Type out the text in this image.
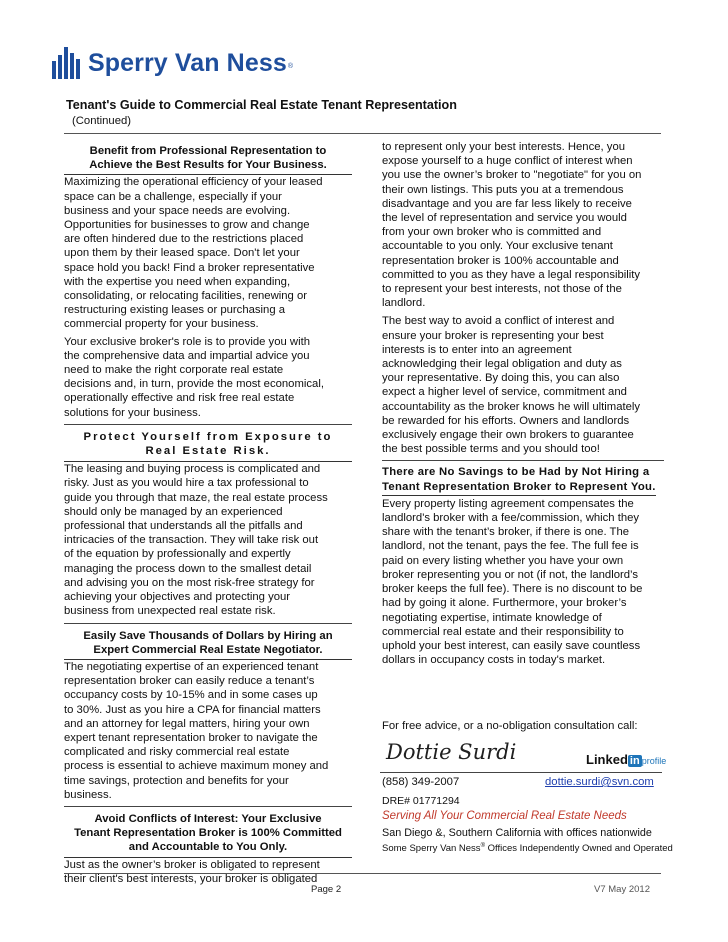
Sperry Van Ness®
Tenant's Guide to Commercial Real Estate Tenant Representation
(Continued)
Benefit from Professional Representation to
Achieve the Best Results for Your Business.

Maximizing the operational efficiency of your leased
space can be a challenge, especially if your
business and your space needs are evolving.
Opportunities for businesses to grow and change
are often hindered due to the restrictions placed
upon them by their leased space. Don't let your
space hold you back! Find a broker representative
with the expertise you need when expanding,
consolidating, or relocating facilities, renewing or
restructuring existing leases or purchasing a
commercial property for your business.

Your exclusive broker's role is to provide you with
the comprehensive data and impartial advice you
need to make the right corporate real estate
decisions and, in turn, provide the most economical,
operationally effective and risk free real estate
solutions for your business.

Protect Yourself from Exposure to
Real Estate Risk.

The leasing and buying process is complicated and
risky. Just as you would hire a tax professional to
guide you through that maze, the real estate process
should only be managed by an experienced
professional that understands all the pitfalls and
intricacies of the transaction. They will take risk out
of the equation by professionally and expertly
managing the process down to the smallest detail
and advising you on the most risk-free strategy for
achieving your objectives and protecting your
business from unexpected real estate risk.

Easily Save Thousands of Dollars by Hiring an
Expert Commercial Real Estate Negotiator.

The negotiating expertise of an experienced tenant
representation broker can easily reduce a tenant’s
occupancy costs by 10-15% and in some cases up
to 30%. Just as you hire a CPA for financial matters
and an attorney for legal matters, hiring your own
expert tenant representation broker to navigate the
complicated and risky commercial real estate
process is essential to achieve maximum money and
time savings, protection and benefits for your
business.

Avoid Conflicts of Interest: Your Exclusive
Tenant Representation Broker is 100% Committed
and Accountable to You Only.

Just as the owner’s broker is obligated to represent
their client's best interests, your broker is obligated

to represent only your best interests. Hence, you
expose yourself to a huge conflict of interest when
you use the owner’s broker to "negotiate" for you on
their own listings. This puts you at a tremendous
disadvantage and you are far less likely to receive
the level of representation and service you would
from your own broker who is committed and
accountable to you only. Your exclusive tenant
representation broker is 100% accountable and
committed to you as they have a legal responsibility
to represent your best interests, not those of the
landlord.

The best way to avoid a conflict of interest and
ensure your broker is representing your best
interests is to enter into an agreement
acknowledging their legal obligation and duty as
your representative. By doing this, you can also
expect a higher level of service, commitment and
accountability as the broker knows he will ultimately
be rewarded for his efforts. Owners and landlords
exclusively engage their own brokers to guarantee
the best possible terms and you should too!

There are No Savings to be Had by Not Hiring a
Tenant Representation Broker to Represent You.

Every property listing agreement compensates the
landlord's broker with a fee/commission, which they
share with the tenant’s broker, if there is one. The
landlord, not the tenant, pays the fee. The full fee is
paid on every listing whether you have your own
broker representing you or not (if not, the landlord’s
broker keeps the full fee). There is no discount to be
had by going it alone. Furthermore, your broker’s
negotiating expertise, intimate knowledge of
commercial real estate and their responsibility to
uphold your best interest, can easily save countless
dollars in occupancy costs in today's market.

For free advice, or a no-obligation consultation call:
Dottie Surdi	Linked in profile
(858) 349-2007	dottie.surdi@svn.com
DRE# 01771294
Serving All Your Commercial Real Estate Needs
San Diego &, Southern California with offices nationwide
Some Sperry Van Ness® Offices Independently Owned and Operated
Page 2	V7 May 2012
